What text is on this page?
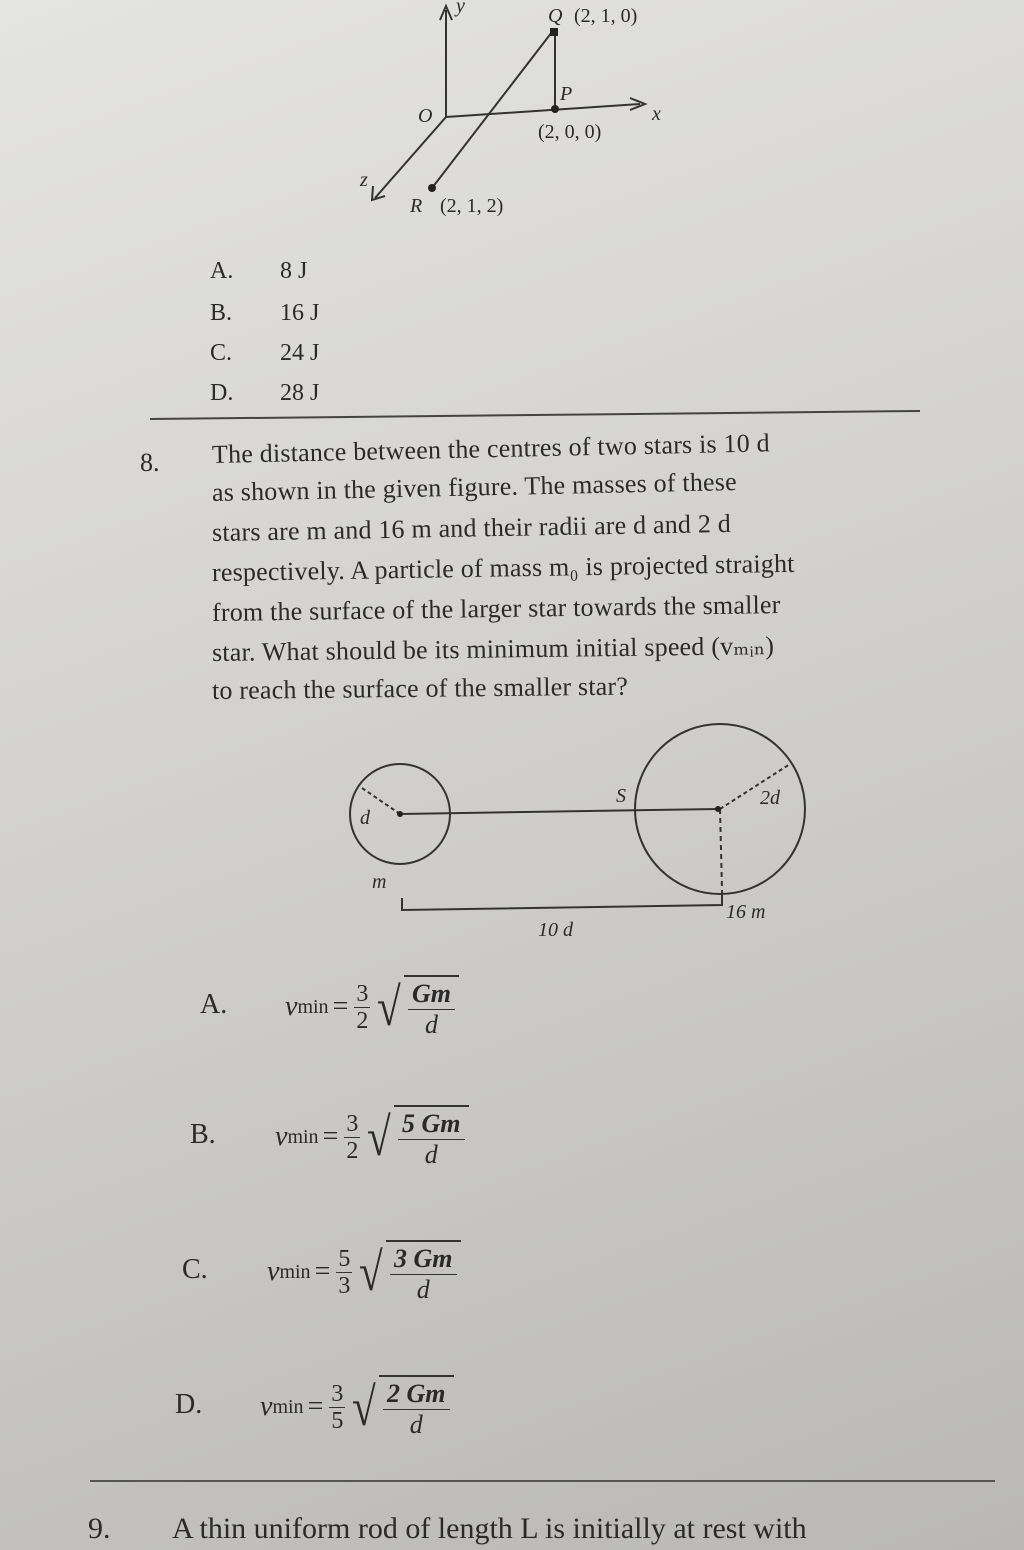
y
x
z
O
P
(2, 0, 0)
Q (2, 1, 0)
R (2, 1, 2)
A. 8 J
B. 16 J
C. 24 J
D. 28 J
8. The distance between the centres of two stars is 10 d
as shown in the given figure. The masses of these
stars are m and 16 m and their radii are d and 2 d
respectively. A particle of mass m₀ is projected straight
from the surface of the larger star towards the smaller
star. What should be its minimum initial speed (vₘᵢₙ)
to reach the surface of the smaller star?
d
m
2d
16 m
S
10 d
A. v $\min = \frac{3}{2}$ √ $\frac{Gm}{d}$
B. v $\min = \frac{3}{2}$ √ $\frac{5 Gm}{d}$
C. v $\min = \frac{5}{3}$ √ $\frac{3 Gm}{d}$
D. v $\min = \frac{3}{5}$ √ $\frac{2 Gm}{d}$
9. A thin uniform rod of length L is initially at rest with
